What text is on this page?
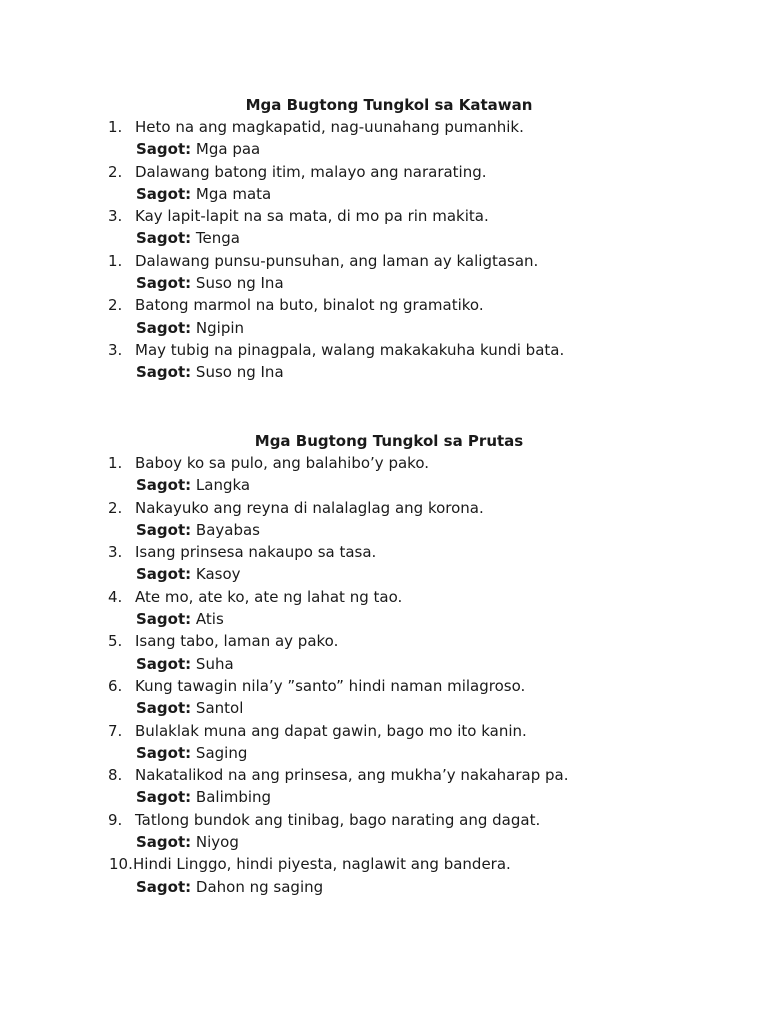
Mga Bugtong Tungkol sa Katawan
1. Heto na ang magkapatid, nag-uunahang pumanhik.
Sagot: Mga paa
2. Dalawang batong itim, malayo ang nararating.
Sagot: Mga mata
3. Kay lapit-lapit na sa mata, di mo pa rin makita.
Sagot: Tenga
1. Dalawang punsu-punsuhan, ang laman ay kaligtasan.
Sagot: Suso ng Ina
2. Batong marmol na buto, binalot ng gramatiko.
Sagot: Ngipin
3. May tubig na pinagpala, walang makakakuha kundi bata.
Sagot: Suso ng Ina
Mga Bugtong Tungkol sa Prutas
1. Baboy ko sa pulo, ang balahibo’y pako.
Sagot: Langka
2. Nakayuko ang reyna di nalalaglag ang korona.
Sagot: Bayabas
3. Isang prinsesa nakaupo sa tasa.
Sagot: Kasoy
4. Ate mo, ate ko, ate ng lahat ng tao.
Sagot: Atis
5. Isang tabo, laman ay pako.
Sagot: Suha
6. Kung tawagin nila’y ”santo” hindi naman milagroso.
Sagot: Santol
7. Bulaklak muna ang dapat gawin, bago mo ito kanin.
Sagot: Saging
8. Nakatalikod na ang prinsesa, ang mukha’y nakaharap pa.
Sagot: Balimbing
9. Tatlong bundok ang tinibag, bago narating ang dagat.
Sagot: Niyog
10. Hindi Linggo, hindi piyesta, naglawit ang bandera.
Sagot: Dahon ng saging
